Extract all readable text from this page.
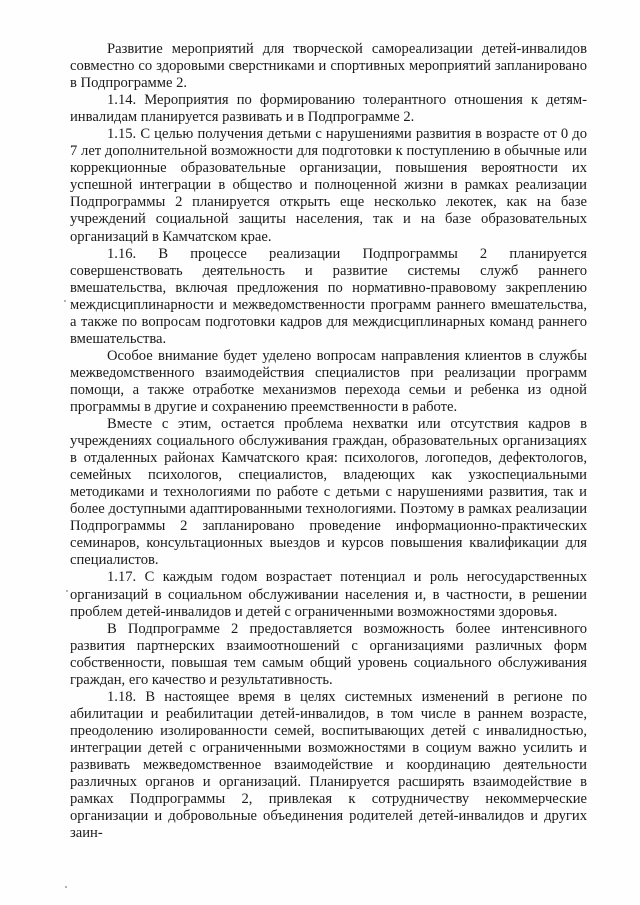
Развитие мероприятий для творческой самореализации детей-инвалидов совместно со здоровыми сверстниками и спортивных мероприятий запланировано в Подпрограмме 2.

1.14. Мероприятия по формированию толерантного отношения к детям-инвалидам планируется развивать и в Подпрограмме 2.

1.15. С целью получения детьми с нарушениями развития в возрасте от 0 до 7 лет дополнительной возможности для подготовки к поступлению в обычные или коррекционные образовательные организации, повышения вероятности их успешной интеграции в общество и полноценной жизни в рамках реализации Подпрограммы 2 планируется открыть еще несколько лекотек, как на базе учреждений социальной защиты населения, так и на базе образовательных организаций в Камчатском крае.

1.16. В процессе реализации Подпрограммы 2 планируется совершенствовать деятельность и развитие системы служб раннего вмешательства, включая предложения по нормативно-правовому закреплению междисциплинарности и межведомственности программ раннего вмешательства, а также по вопросам подготовки кадров для междисциплинарных команд раннего вмешательства.

Особое внимание будет уделено вопросам направления клиентов в службы межведомственного взаимодействия специалистов при реализации программ помощи, а также отработке механизмов перехода семьи и ребенка из одной программы в другие и сохранению преемственности в работе.

Вместе с этим, остается проблема нехватки или отсутствия кадров в учреждениях социального обслуживания граждан, образовательных организациях в отдаленных районах Камчатского края: психологов, логопедов, дефектологов, семейных психологов, специалистов, владеющих как узкоспециальными методиками и технологиями по работе с детьми с нарушениями развития, так и более доступными адаптированными технологиями. Поэтому в рамках реализации Подпрограммы 2 запланировано проведение информационно-практических семинаров, консультационных выездов и курсов повышения квалификации для специалистов.

1.17. С каждым годом возрастает потенциал и роль негосударственных организаций в социальном обслуживании населения и, в частности, в решении проблем детей-инвалидов и детей с ограниченными возможностями здоровья.

В Подпрограмме 2 предоставляется возможность более интенсивного развития партнерских взаимоотношений с организациями различных форм собственности, повышая тем самым общий уровень социального обслуживания граждан, его качество и результативность.

1.18. В настоящее время в целях системных изменений в регионе по абилитации и реабилитации детей-инвалидов, в том числе в раннем возрасте, преодолению изолированности семей, воспитывающих детей с инвалидностью, интеграции детей с ограниченными возможностями в социум важно усилить и развивать межведомственное взаимодействие и координацию деятельности различных органов и организаций. Планируется расширять взаимодействие в рамках Подпрограммы 2, привлекая к сотрудничеству некоммерческие организации и добровольные объединения родителей детей-инвалидов и других заин-
